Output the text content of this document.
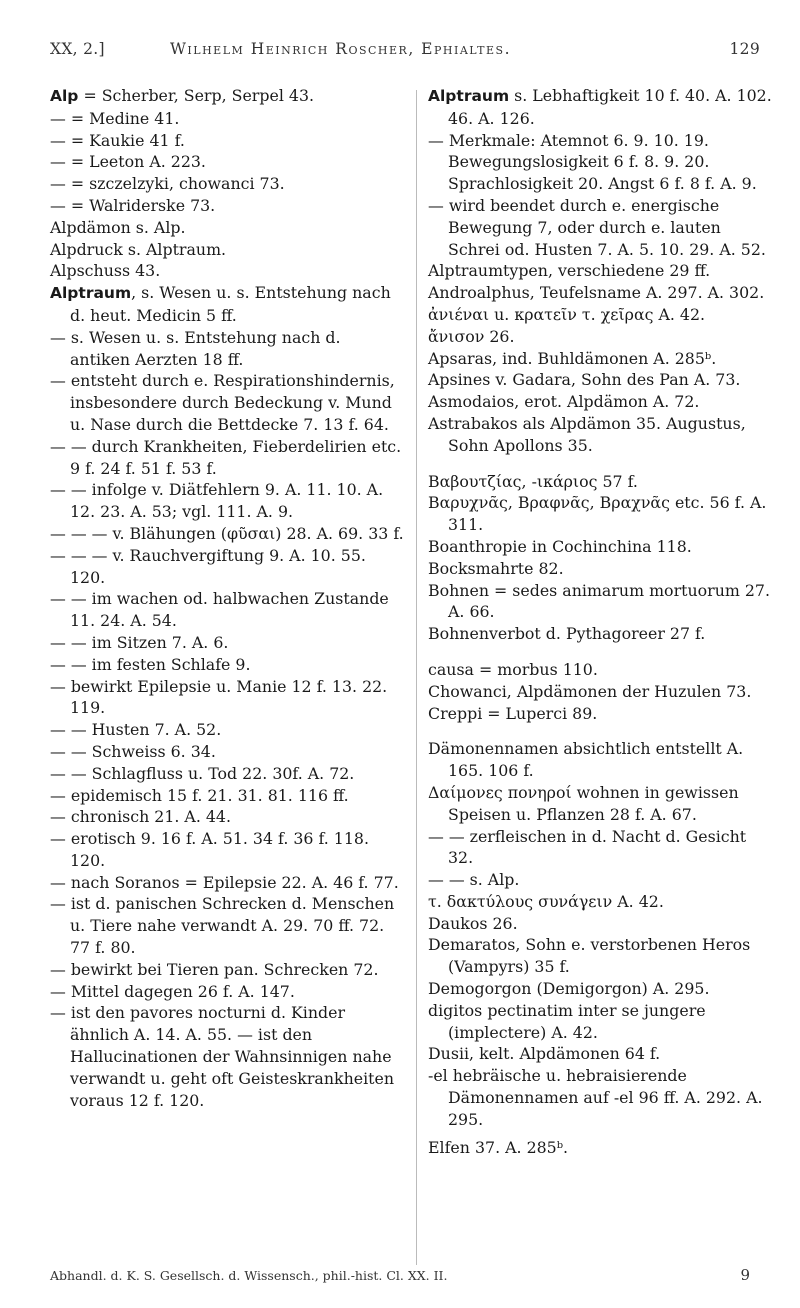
XX, 2.]	Wilhelm Heinrich Roscher, Ephialtes.	129

Alp = Scherber, Serp, Serpel 43.

— = Medine 41.

— = Kaukie 41 f.

— = Leeton A. 223.

— = szczelzyki, chowanci 73.

— = Walriderske 73.

Alpdämon s. Alp.

Alpdruck s. Alptraum.

Alpschuss 43.

Alptraum, s. Wesen u. s. Entstehung nach d. heut. Medicin 5 ff.

— s. Wesen u. s. Entstehung nach d. antiken Aerzten 18 ff.

— entsteht durch e. Respirationshindernis, insbesondere durch Bedeckung v. Mund u. Nase durch die Bettdecke 7. 13 f. 64.

— — durch Krankheiten, Fieberdelirien etc. 9 f. 24 f. 51 f. 53 f.

— — infolge v. Diätfehlern 9. A. 11. 10. A. 12. 23. A. 53; vgl. 111. A. 9.

— — — v. Blähungen (φῦσαι) 28. A. 69. 33 f.

— — — v. Rauchvergiftung 9. A. 10. 55. 120.

— — im wachen od. halbwachen Zustande 11. 24. A. 54.

— — im Sitzen 7. A. 6.

— — im festen Schlafe 9.

— bewirkt Epilepsie u. Manie 12 f. 13. 22. 119.

— — Husten 7. A. 52.

— — Schweiss 6. 34.

— — Schlagfluss u. Tod 22. 30f. A. 72.

— epidemisch 15 f. 21. 31. 81. 116 ff.

— chronisch 21. A. 44.

— erotisch 9. 16 f. A. 51. 34 f. 36 f. 118. 120.

— nach Soranos = Epilepsie 22. A. 46 f. 77.

— ist d. panischen Schrecken d. Menschen u. Tiere nahe verwandt A. 29. 70 ff. 72. 77 f. 80.

— bewirkt bei Tieren pan. Schrecken 72.

— Mittel dagegen 26 f. A. 147.

— ist den pavores nocturni d. Kinder ähnlich A. 14. A. 55. — ist den Hallucinationen der Wahnsinnigen nahe verwandt u. geht oft Geisteskrankheiten voraus 12 f. 120.

Alptraum s. Lebhaftigkeit 10 f. 40. A. 102. 46. A. 126.

— Merkmale: Atemnot 6. 9. 10. 19. Bewegungslosigkeit 6 f. 8. 9. 20. Sprachlosigkeit 20. Angst 6 f. 8 f. A. 9.

— wird beendet durch e. energische Bewegung 7, oder durch e. lauten Schrei od. Husten 7. A. 5. 10. 29. A. 52.

Alptraumtypen, verschiedene 29 ff.

Androalphus, Teufelsname A. 297. A. 302.

ἀνιέναι u. κρατεῖν τ. χεῖρας A. 42.

ἄνισον 26.

Apsaras, ind. Buhldämonen A. 285ᵇ.

Apsines v. Gadara, Sohn des Pan A. 73.

Asmodaios, erot. Alpdämon A. 72.

Astrabakos als Alpdämon 35. Augustus, Sohn Apollons 35.

Βαβουτζίας, -ικάριος 57 f.

Βαρυχνᾶς, Βραφνᾶς, Βραχνᾶς etc. 56 f. A. 311.

Boanthropie in Cochinchina 118.

Bocksmahrte 82.

Bohnen = sedes animarum mortuorum 27. A. 66.

Bohnenverbot d. Pythagoreer 27 f.

causa = morbus 110.

Chowanci, Alpdämonen der Huzulen 73.

Creppi = Luperci 89.

Dämonennamen absichtlich entstellt A. 165. 106 f.

Δαίμονες πονηροί wohnen in gewissen Speisen u. Pflanzen 28 f. A. 67.

— — zerfleischen in d. Nacht d. Gesicht 32.

— — s. Alp.

τ. δακτύλους συνάγειν A. 42.

Daukos 26.

Demaratos, Sohn e. verstorbenen Heros (Vampyrs) 35 f.

Demogorgon (Demigorgon) A. 295.

digitos pectinatim inter se jungere (implectere) A. 42.

Dusii, kelt. Alpdämonen 64 f.

-el hebräische u. hebraisierende Dämonennamen auf -el 96 ff. A. 292. A. 295.

Elfen 37. A. 285ᵇ.

Abhandl. d. K. S. Gesellsch. d. Wissensch., phil.-hist. Cl. XX. II.	9
